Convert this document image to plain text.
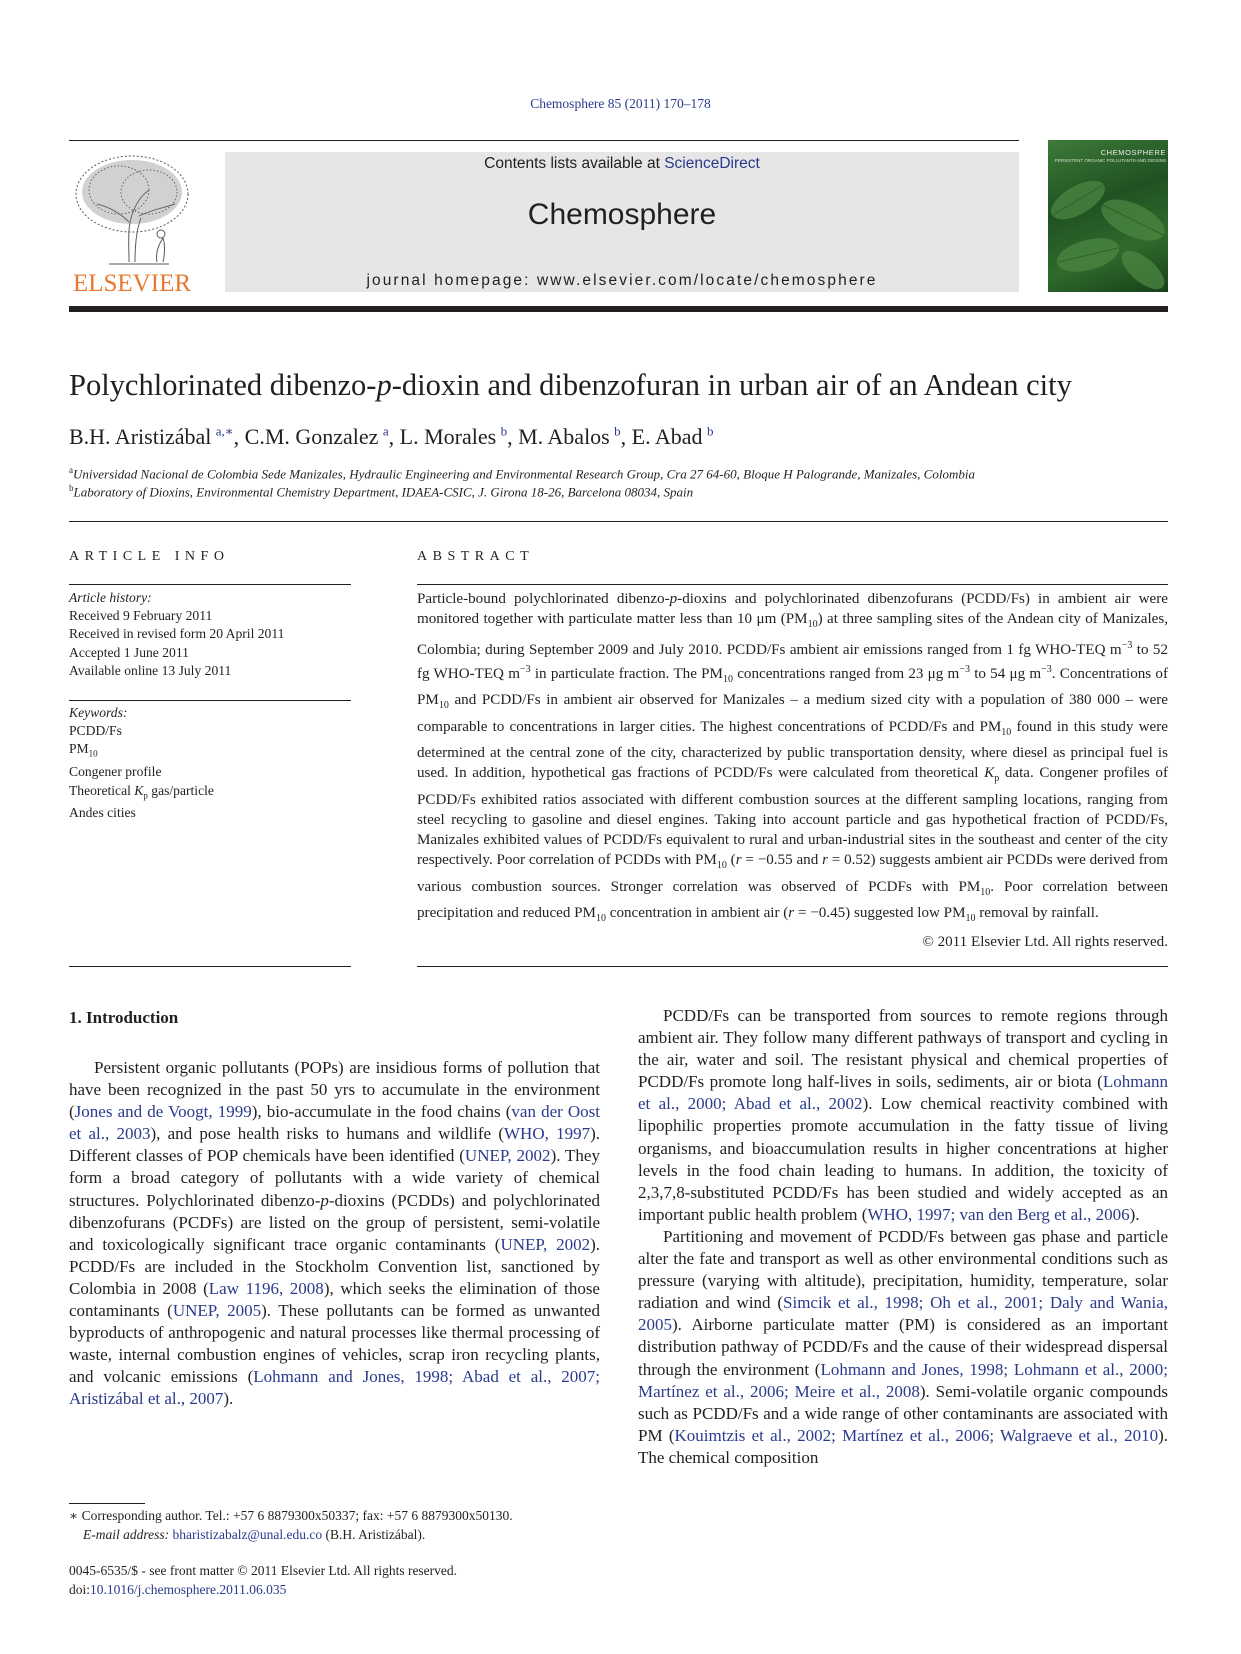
Chemosphere 85 (2011) 170–178
ELSEVIER
Contents lists available at ScienceDirect
Chemosphere
journal homepage: www.elsevier.com/locate/chemosphere
CHEMOSPHERE
PERSISTENT ORGANIC POLLUTANTS AND DIOXINS
Polychlorinated dibenzo-p-dioxin and dibenzofuran in urban air of an Andean city
B.H. Aristizábal  $^{a,∗}$, C.M. Gonzalez  $^a$, L. Morales  $^b$, M. Abalos  $^b$, E. Abad  $^b$
$^a$Universidad Nacional de Colombia Sede Manizales, Hydraulic Engineering and Environmental Research Group, Cra 27 64-60, Bloque H Palogrande, Manizales, Colombia
$^b$Laboratory of Dioxins, Environmental Chemistry Department, IDAEA-CSIC, J. Girona 18-26, Barcelona 08034, Spain
ARTICLE INFO	ABSTRACT
Article history:
Received 9 February 2011
Received in revised form 20 April 2011
Accepted 1 June 2011
Available online 13 July 2011
Keywords:
PCDD/Fs
$PM_{10}$
Congener profile
Theoretical $K_p$ gas/particle
Andes cities
Particle-bound polychlorinated dibenzo-p-dioxins and polychlorinated dibenzofurans (PCDD/Fs) in ambient air were monitored together with particulate matter less than 10 μm $(PM_{10})$ at three sampling sites of the Andean city of Manizales, Colombia; during September 2009 and July 2010. PCDD/Fs ambient air emissions ranged from 1 fg WHO-TEQ $m^{-3}$ to 52 fg WHO-TEQ $m^{-3}$ in particulate fraction. The $PM_{10}$ concentrations ranged from 23 μg $m^{-3}$ to 54 μg $m^{-3}$. Concentrations of $PM_{10}$ and PCDD/Fs in ambient air observed for Manizales – a medium sized city with a population of 380 000 – were comparable to concentrations in larger cities. The highest concentrations of PCDD/Fs and $PM_{10}$ found in this study were determined at the central zone of the city, characterized by public transportation density, where diesel as principal fuel is used. In addition, hypothetical gas fractions of PCDD/Fs were calculated from theoretical $K_p$ data. Congener profiles of PCDD/Fs exhibited ratios associated with different combustion sources at the different sampling locations, ranging from steel recycling to gasoline and diesel engines. Taking into account particle and gas hypothetical fraction of PCDD/Fs, Manizales exhibited values of PCDD/Fs equivalent to rural and urban-industrial sites in the southeast and center of the city respectively. Poor correlation of PCDDs with $PM_{10}$ (r = −0.55 and r = 0.52) suggests ambient air PCDDs were derived from various combustion sources. Stronger correlation was observed of PCDFs with $PM_{10}$. Poor correlation between precipitation and reduced $PM_{10}$ concentration in ambient air (r = −0.45) suggested low $PM_{10}$ removal by rainfall.
© 2011 Elsevier Ltd. All rights reserved.
1. Introduction

Persistent organic pollutants (POPs) are insidious forms of pollution that have been recognized in the past 50 yrs to accumulate in the environment (Jones and de Voogt, 1999), bio-accumulate in the food chains (van der Oost et al., 2003), and pose health risks to humans and wildlife (WHO, 1997). Different classes of POP chemicals have been identified (UNEP, 2002). They form a broad category of pollutants with a wide variety of chemical structures. Polychlorinated dibenzo-p-dioxins (PCDDs) and polychlorinated dibenzofurans (PCDFs) are listed on the group of persistent, semi-volatile and toxicologically significant trace organic contaminants (UNEP, 2002). PCDD/Fs are included in the Stockholm Convention list, sanctioned by Colombia in 2008 (Law 1196, 2008), which seeks the elimination of those contaminants (UNEP, 2005). These pollutants can be formed as unwanted byproducts of anthropogenic and natural processes like thermal processing of waste, internal combustion engines of vehicles, scrap iron recycling plants, and volcanic emissions (Lohmann and Jones, 1998; Abad et al., 2007; Aristizábal et al., 2007).

PCDD/Fs can be transported from sources to remote regions through ambient air. They follow many different pathways of transport and cycling in the air, water and soil. The resistant physical and chemical properties of PCDD/Fs promote long half-lives in soils, sediments, air or biota (Lohmann et al., 2000; Abad et al., 2002). Low chemical reactivity combined with lipophilic properties promote accumulation in the fatty tissue of living organisms, and bioaccumulation results in higher concentrations at higher levels in the food chain leading to humans. In addition, the toxicity of 2,3,7,8-substituted PCDD/Fs has been studied and widely accepted as an important public health problem (WHO, 1997; van den Berg et al., 2006).

Partitioning and movement of PCDD/Fs between gas phase and particle alter the fate and transport as well as other environmental conditions such as pressure (varying with altitude), precipitation, humidity, temperature, solar radiation and wind (Simcik et al., 1998; Oh et al., 2001; Daly and Wania, 2005). Airborne particulate matter (PM) is considered as an important distribution pathway of PCDD/Fs and the cause of their widespread dispersal through the environment (Lohmann and Jones, 1998; Lohmann et al., 2000; Martínez et al., 2006; Meire et al., 2008). Semi-volatile organic compounds such as PCDD/Fs and a wide range of other contaminants are associated with PM (Kouimtzis et al., 2002; Martínez et al., 2006; Walgraeve et al., 2010). The chemical composition

∗ Corresponding author. Tel.: +57 6 8879300x50337; fax: +57 6 8879300x50130.
E-mail address: bharistizabalz@unal.edu.co (B.H. Aristizábal).
0045-6535/$ - see front matter © 2011 Elsevier Ltd. All rights reserved.
doi:10.1016/j.chemosphere.2011.06.035
